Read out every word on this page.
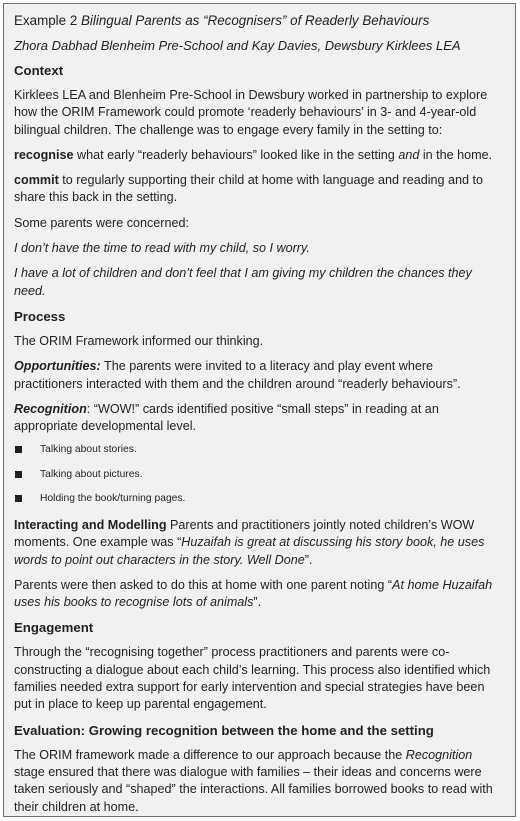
Example 2 Bilingual Parents as “Recognisers” of Readerly Behaviours
Zhora Dabhad Blenheim Pre-School and Kay Davies, Dewsbury Kirklees LEA
Context

Kirklees LEA and Blenheim Pre-School in Dewsbury worked in partnership to explore how the ORIM Framework could promote ‘readerly behaviours’ in 3- and 4-year-old bilingual children. The challenge was to engage every family in the setting to:

recognise what early “readerly behaviours” looked like in the setting and in the home.

commit to regularly supporting their child at home with language and reading and to share this back in the setting.

Some parents were concerned:

I don’t have the time to read with my child, so I worry.

I have a lot of children and don’t feel that I am giving my children the chances they need.

Process

The ORIM Framework informed our thinking.

Opportunities: The parents were invited to a literacy and play event where practitioners interacted with them and the children around “readerly behaviours”.

Recognition: “WOW!” cards identified positive “small steps” in reading at an appropriate developmental level.

Talking about stories.
Talking about pictures.
Holding the book/turning pages.

Interacting and Modelling Parents and practitioners jointly noted children’s WOW moments. One example was “Huzaifah is great at discussing his story book, he uses words to point out characters in the story. Well Done”.

Parents were then asked to do this at home with one parent noting “At home Huzaifah uses his books to recognise lots of animals”.

Engagement

Through the “recognising together” process practitioners and parents were co-constructing a dialogue about each child’s learning. This process also identified which families needed extra support for early intervention and special strategies have been put in place to keep up parental engagement.

Evaluation: Growing recognition between the home and the setting

The ORIM framework made a difference to our approach because the Recognition stage ensured that there was dialogue with families – their ideas and concerns were taken seriously and “shaped” the interactions. All families borrowed books to read with their children at home.
